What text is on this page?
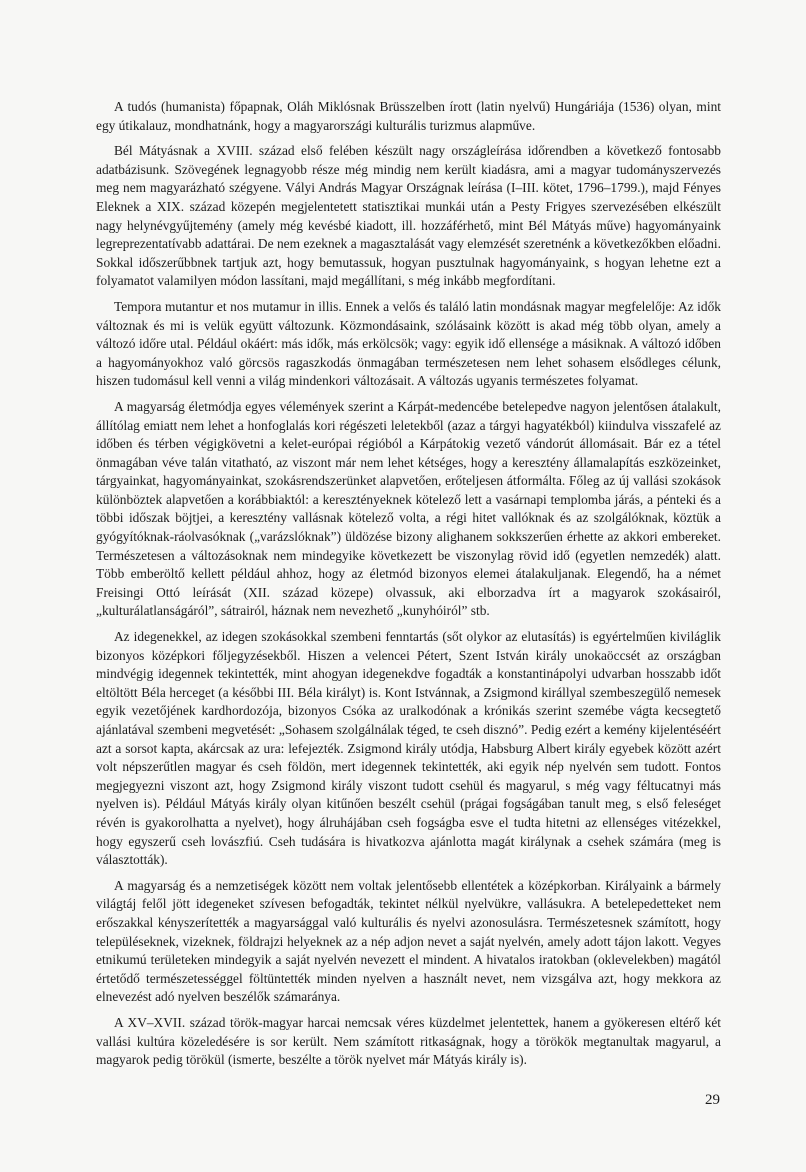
A tudós (humanista) főpapnak, Oláh Miklósnak Brüsszelben írott (latin nyelvű) Hungáriája (1536) olyan, mint egy útikalauz, mondhatnánk, hogy a magyarországi kulturális turizmus alapműve.

Bél Mátyásnak a XVIII. század első felében készült nagy országleírása időrendben a következő fontosabb adatbázisunk. Szövegének legnagyobb része még mindig nem került kiadásra, ami a magyar tudományszervezés meg nem magyarázható szégyene. Vályi András Magyar Országnak leírása (I–III. kötet, 1796–1799.), majd Fényes Eleknek a XIX. század közepén megjelentetett statisztikai munkái után a Pesty Frigyes szervezésében elkészült nagy helynévgyűjtemény (amely még kevésbé kiadott, ill. hozzáférhető, mint Bél Mátyás műve) hagyományaink legreprezentatívabb adattárai. De nem ezeknek a magasztalását vagy elemzését szeretnénk a következőkben előadni. Sokkal időszerűbbnek tartjuk azt, hogy bemutassuk, hogyan pusztulnak hagyományaink, s hogyan lehetne ezt a folyamatot valamilyen módon lassítani, majd megállítani, s még inkább megfordítani.

Tempora mutantur et nos mutamur in illis. Ennek a velős és találó latin mondásnak magyar megfelelője: Az idők változnak és mi is velük együtt változunk. Közmondásaink, szólásaink között is akad még több olyan, amely a változó időre utal. Például okáért: más idők, más erkölcsök; vagy: egyik idő ellensége a másiknak. A változó időben a hagyományokhoz való görcsös ragaszkodás önmagában természetesen nem lehet sohasem elsődleges célunk, hiszen tudomásul kell venni a világ mindenkori változásait. A változás ugyanis természetes folyamat.

A magyarság életmódja egyes vélemények szerint a Kárpát-medencébe betelepedve nagyon jelentősen átalakult, állítólag emiatt nem lehet a honfoglalás kori régészeti leletekből (azaz a tárgyi hagyatékból) kiindulva visszafelé az időben és térben végigkövetni a kelet-európai régióból a Kárpátokig vezető vándorút állomásait. Bár ez a tétel önmagában véve talán vitatható, az viszont már nem lehet kétséges, hogy a keresztény államalapítás eszközeinket, tárgyainkat, hagyományainkat, szokásrendszerünket alapvetően, erőteljesen átformálta. Főleg az új vallási szokások különböztek alapvetően a korábbiaktól: a keresztényeknek kötelező lett a vasárnapi templomba járás, a pénteki és a többi időszak böjtjei, a keresztény vallásnak kötelező volta, a régi hitet vallóknak és az szolgálóknak, köztük a gyógyítóknak-ráolvasóknak („varázslóknak”) üldözése bizony alighanem sokkszerűen érhette az akkori embereket. Természetesen a változásoknak nem mindegyike következett be viszonylag rövid idő (egyetlen nemzedék) alatt. Több emberöltő kellett például ahhoz, hogy az életmód bizonyos elemei átalakuljanak. Elegendő, ha a német Freisingi Ottó leírását (XII. század közepe) olvassuk, aki elborzadva írt a magyarok szokásairól, „kulturálatlanságáról”, sátrairól, háznak nem nevezhető „kunyhóiról” stb.

Az idegenekkel, az idegen szokásokkal szembeni fenntartás (sőt olykor az elutasítás) is egyértelműen kiviláglik bizonyos középkori főljegyzésekből. Hiszen a velencei Pétert, Szent István király unokaöccsét az országban mindvégig idegennek tekintették, mint ahogyan idegenekdve fogadták a konstantinápolyi udvarban hosszabb időt eltöltött Béla herceget (a későbbi III. Béla királyt) is. Kont Istvánnak, a Zsigmond királlyal szembeszegülő nemesek egyik vezetőjének kardhordozója, bizonyos Csóka az uralkodónak a krónikás szerint szemébe vágta kecsegtető ajánlatával szembeni megvetését: „Sohasem szolgálnálak téged, te cseh disznó”. Pedig ezért a kemény kijelentéséért azt a sorsot kapta, akárcsak az ura: lefejezték. Zsigmond király utódja, Habsburg Albert király egyebek között azért volt népszerűtlen magyar és cseh földön, mert idegennek tekintették, aki egyik nép nyelvén sem tudott. Fontos megjegyezni viszont azt, hogy Zsigmond király viszont tudott csehül és magyarul, s még vagy féltucatnyi más nyelven is). Például Mátyás király olyan kitűnően beszélt csehül (prágai fogságában tanult meg, s első feleséget révén is gyakorolhatta a nyelvet), hogy álruhájában cseh fogságba esve el tudta hitetni az ellenséges vitézekkel, hogy egyszerű cseh lovászfiú. Cseh tudására is hivatkozva ajánlotta magát királynak a csehek számára (meg is választották).

A magyarság és a nemzetiségek között nem voltak jelentősebb ellentétek a középkorban. Királyaink a bármely világtáj felől jött idegeneket szívesen befogadták, tekintet nélkül nyelvükre, vallásukra. A betelepedetteket nem erőszakkal kényszerítették a magyarsággal való kulturális és nyelvi azonosulásra. Természetesnek számított, hogy településeknek, vizeknek, földrajzi helyeknek az a nép adjon nevet a saját nyelvén, amely adott tájon lakott. Vegyes etnikumú területeken mindegyik a saját nyelvén nevezett el mindent. A hivatalos iratokban (oklevelekben) magától értetődő természetességgel föltüntették minden nyelven a használt nevet, nem vizsgálva azt, hogy mekkora az elnevezést adó nyelven beszélők számaránya.

A XV–XVII. század török-magyar harcai nemcsak véres küzdelmet jelentettek, hanem a gyökeresen eltérő két vallási kultúra közeledésére is sor került. Nem számított ritkaságnak, hogy a törökök megtanultak magyarul, a magyarok pedig törökül (ismerte, beszélte a török nyelvet már Mátyás király is).

29
